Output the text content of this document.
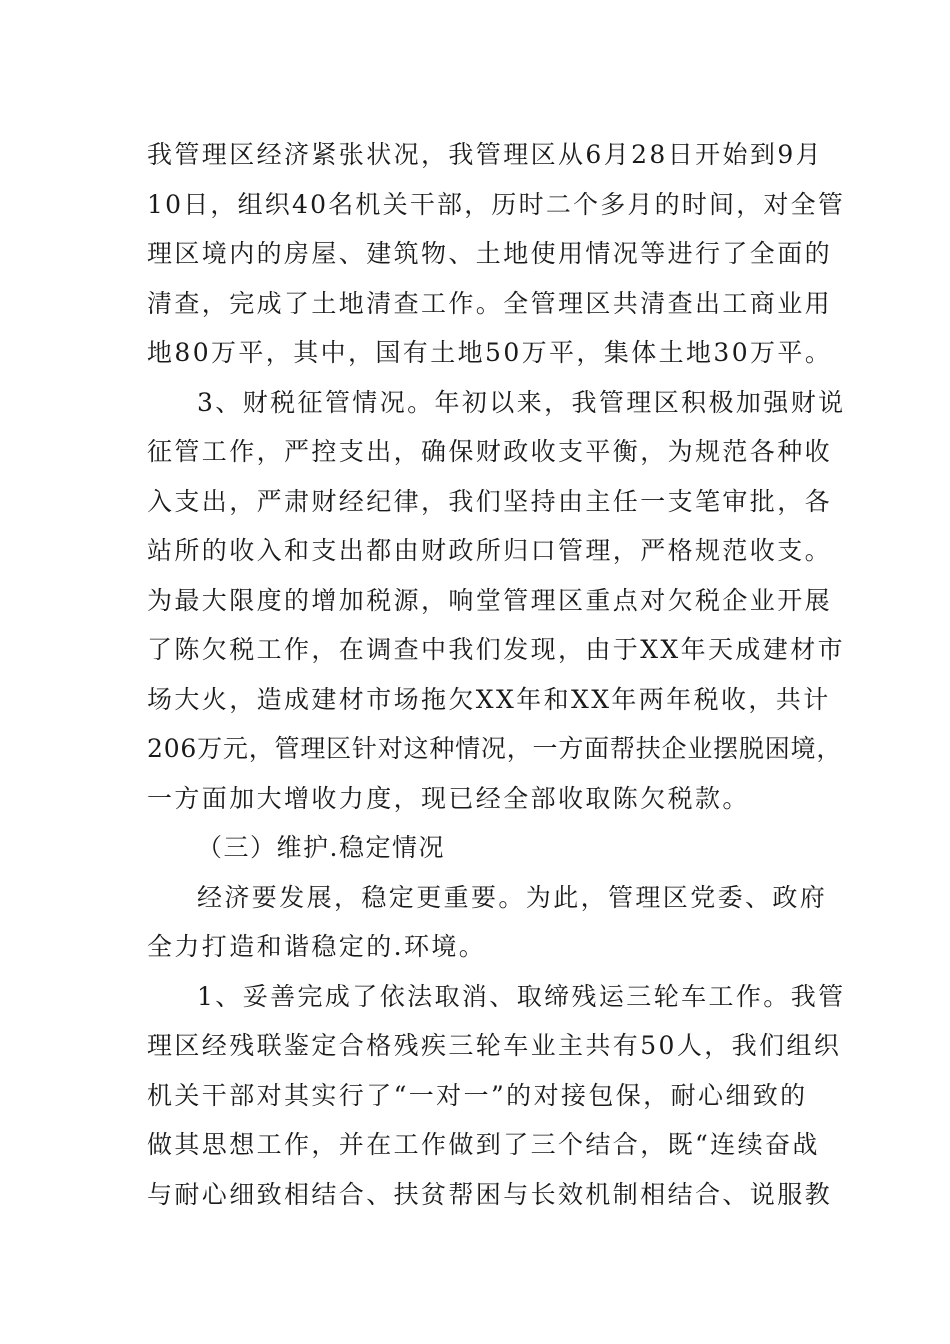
我管理区经济紧张状况，我管理区从6月28日开始到9月
10日，组织40名机关干部，历时二个多月的时间，对全管
理区境内的房屋、建筑物、土地使用情况等进行了全面的
清查，完成了土地清查工作。全管理区共清查出工商业用
地80万平，其中，国有土地50万平，集体土地30万平。
3、财税征管情况。年初以来，我管理区积极加强财说
征管工作，严控支出，确保财政收支平衡，为规范各种收
入支出，严肃财经纪律，我们坚持由主任一支笔审批，各
站所的收入和支出都由财政所归口管理，严格规范收支。
为最大限度的增加税源，响堂管理区重点对欠税企业开展
了陈欠税工作，在调查中我们发现，由于XX年天成建材市
场大火，造成建材市场拖欠XX年和XX年两年税收，共计
206万元，管理区针对这种情况，一方面帮扶企业摆脱困境，
一方面加大增收力度，现已经全部收取陈欠税款。
（三）维护.稳定情况
经济要发展，稳定更重要。为此，管理区党委、政府
全力打造和谐稳定的.环境。
1、妥善完成了依法取消、取缔残运三轮车工作。我管
理区经残联鉴定合格残疾三轮车业主共有50人，我们组织
机关干部对其实行了“一对一”的对接包保，耐心细致的
做其思想工作，并在工作做到了三个结合，既“连续奋战
与耐心细致相结合、扶贫帮困与长效机制相结合、说服教
